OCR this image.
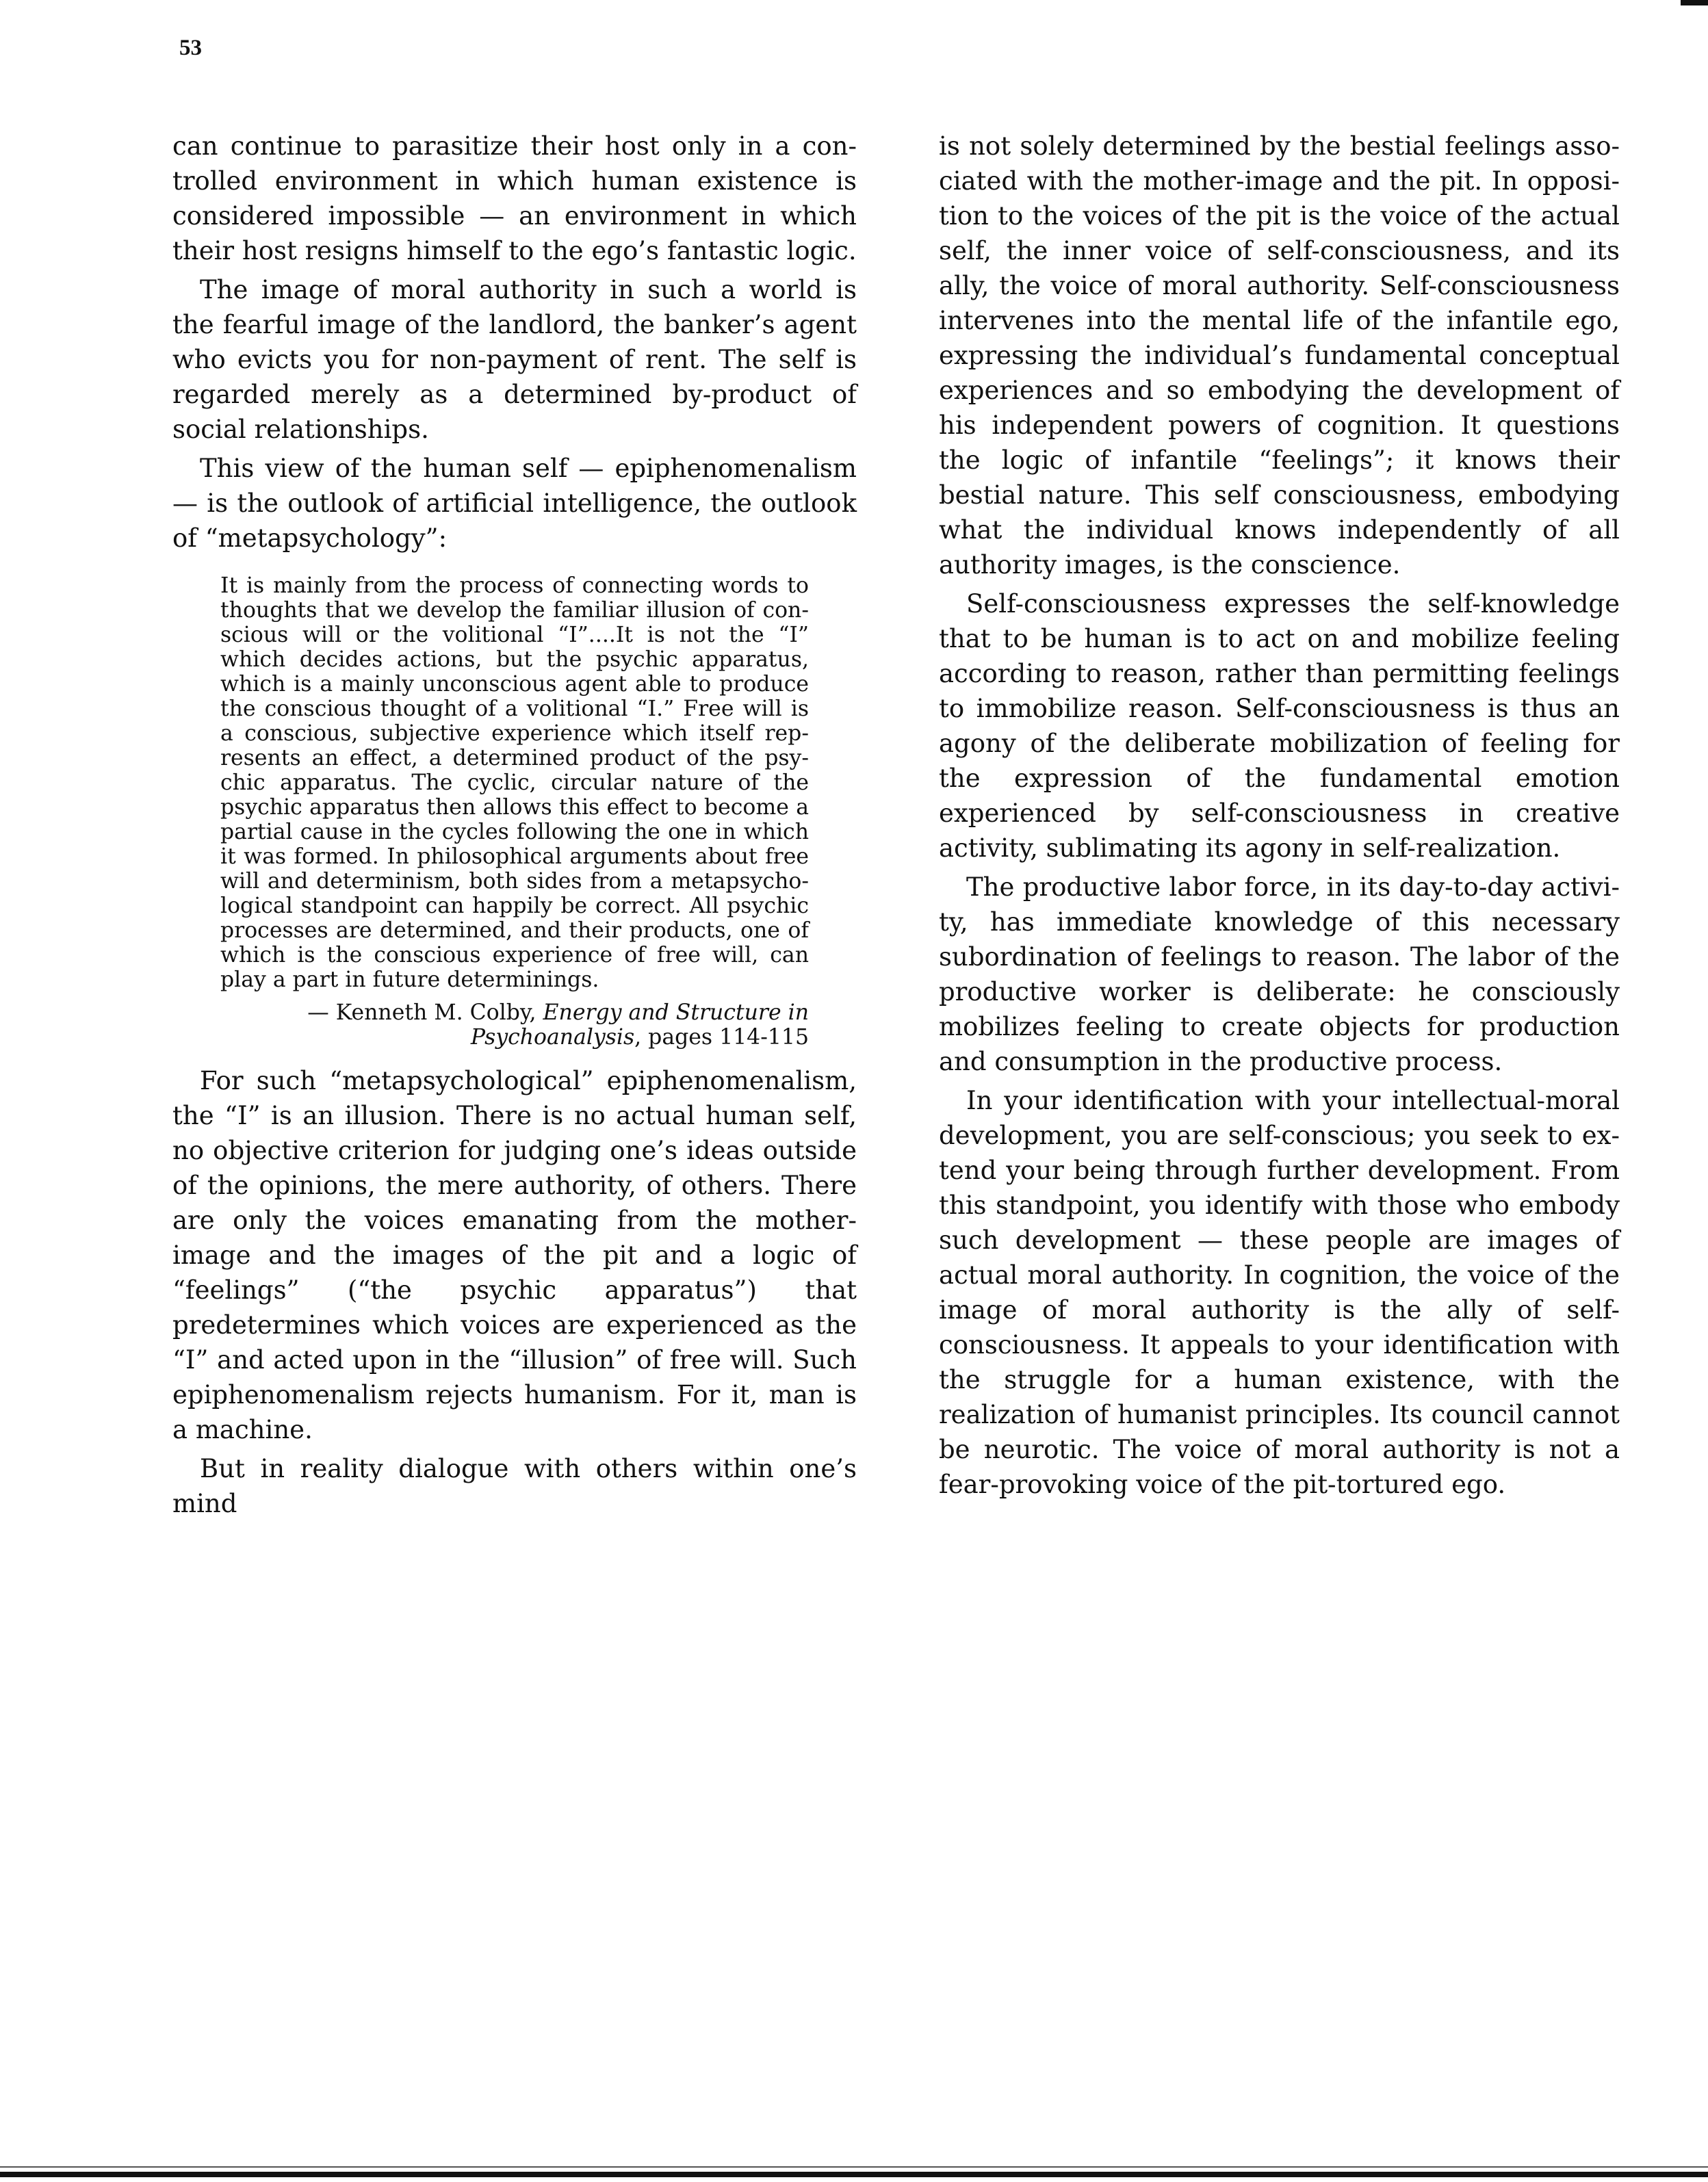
53

can continue to parasitize their host only in a controlled environment in which human existence is considered impossible — an environment in which their host resigns himself to the ego’s fantastic logic.

The image of moral authority in such a world is the fearful image of the landlord, the banker’s agent who evicts you for non-payment of rent. The self is regarded merely as a determined by-product of social relationships.

This view of the human self — epiphenomenalism — is the outlook of artificial intelligence, the outlook of “metapsychology”:

It is mainly from the process of connecting words to thoughts that we develop the familiar illusion of conscious will or the volitional “I”....It is not the “I” which decides actions, but the psychic apparatus, which is a mainly unconscious agent able to produce the conscious thought of a volitional “I.” Free will is a conscious, subjective experience which itself represents an effect, a determined product of the psychic apparatus. The cyclic, circular nature of the psychic apparatus then allows this effect to become a partial cause in the cycles following the one in which it was formed. In philosophical arguments about free will and determinism, both sides from a metapsychological standpoint can happily be correct. All psychic processes are determined, and their products, one of which is the conscious experience of free will, can play a part in future determinings.

— Kenneth M. Colby, Energy and Structure in Psychoanalysis, pages 114-115

For such “metapsychological” epiphenomenalism, the “I” is an illusion. There is no actual human self, no objective criterion for judging one’s ideas outside of the opinions, the mere authority, of others. There are only the voices emanating from the mother-image and the images of the pit and a logic of “feelings” (“the psychic apparatus”) that predetermines which voices are experienced as the “I” and acted upon in the “illusion” of free will. Such epiphenomenalism rejects humanism. For it, man is a machine.

But in reality dialogue with others within one’s mind

is not solely determined by the bestial feelings associated with the mother-image and the pit. In opposition to the voices of the pit is the voice of the actual self, the inner voice of self-consciousness, and its ally, the voice of moral authority. Self-consciousness intervenes into the mental life of the infantile ego, expressing the individual’s fundamental conceptual experiences and so embodying the development of his independent powers of cognition. It questions the logic of infantile “feelings”; it knows their bestial nature. This self consciousness, embodying what the individual knows independently of all authority images, is the conscience.

Self-consciousness expresses the self-knowledge that to be human is to act on and mobilize feeling according to reason, rather than permitting feelings to immobilize reason. Self-consciousness is thus an agony of the deliberate mobilization of feeling for the expression of the fundamental emotion experienced by self-consciousness in creative activity, sublimating its agony in self-realization.

The productive labor force, in its day-to-day activity, has immediate knowledge of this necessary subordination of feelings to reason. The labor of the productive worker is deliberate: he consciously mobilizes feeling to create objects for production and consumption in the productive process.

In your identification with your intellectual-moral development, you are self-conscious; you seek to extend your being through further development. From this standpoint, you identify with those who embody such development — these people are images of actual moral authority. In cognition, the voice of the image of moral authority is the ally of self-consciousness. It appeals to your identification with the struggle for a human existence, with the realization of humanist principles. Its council cannot be neurotic. The voice of moral authority is not a fear-provoking voice of the pit-tortured ego.
